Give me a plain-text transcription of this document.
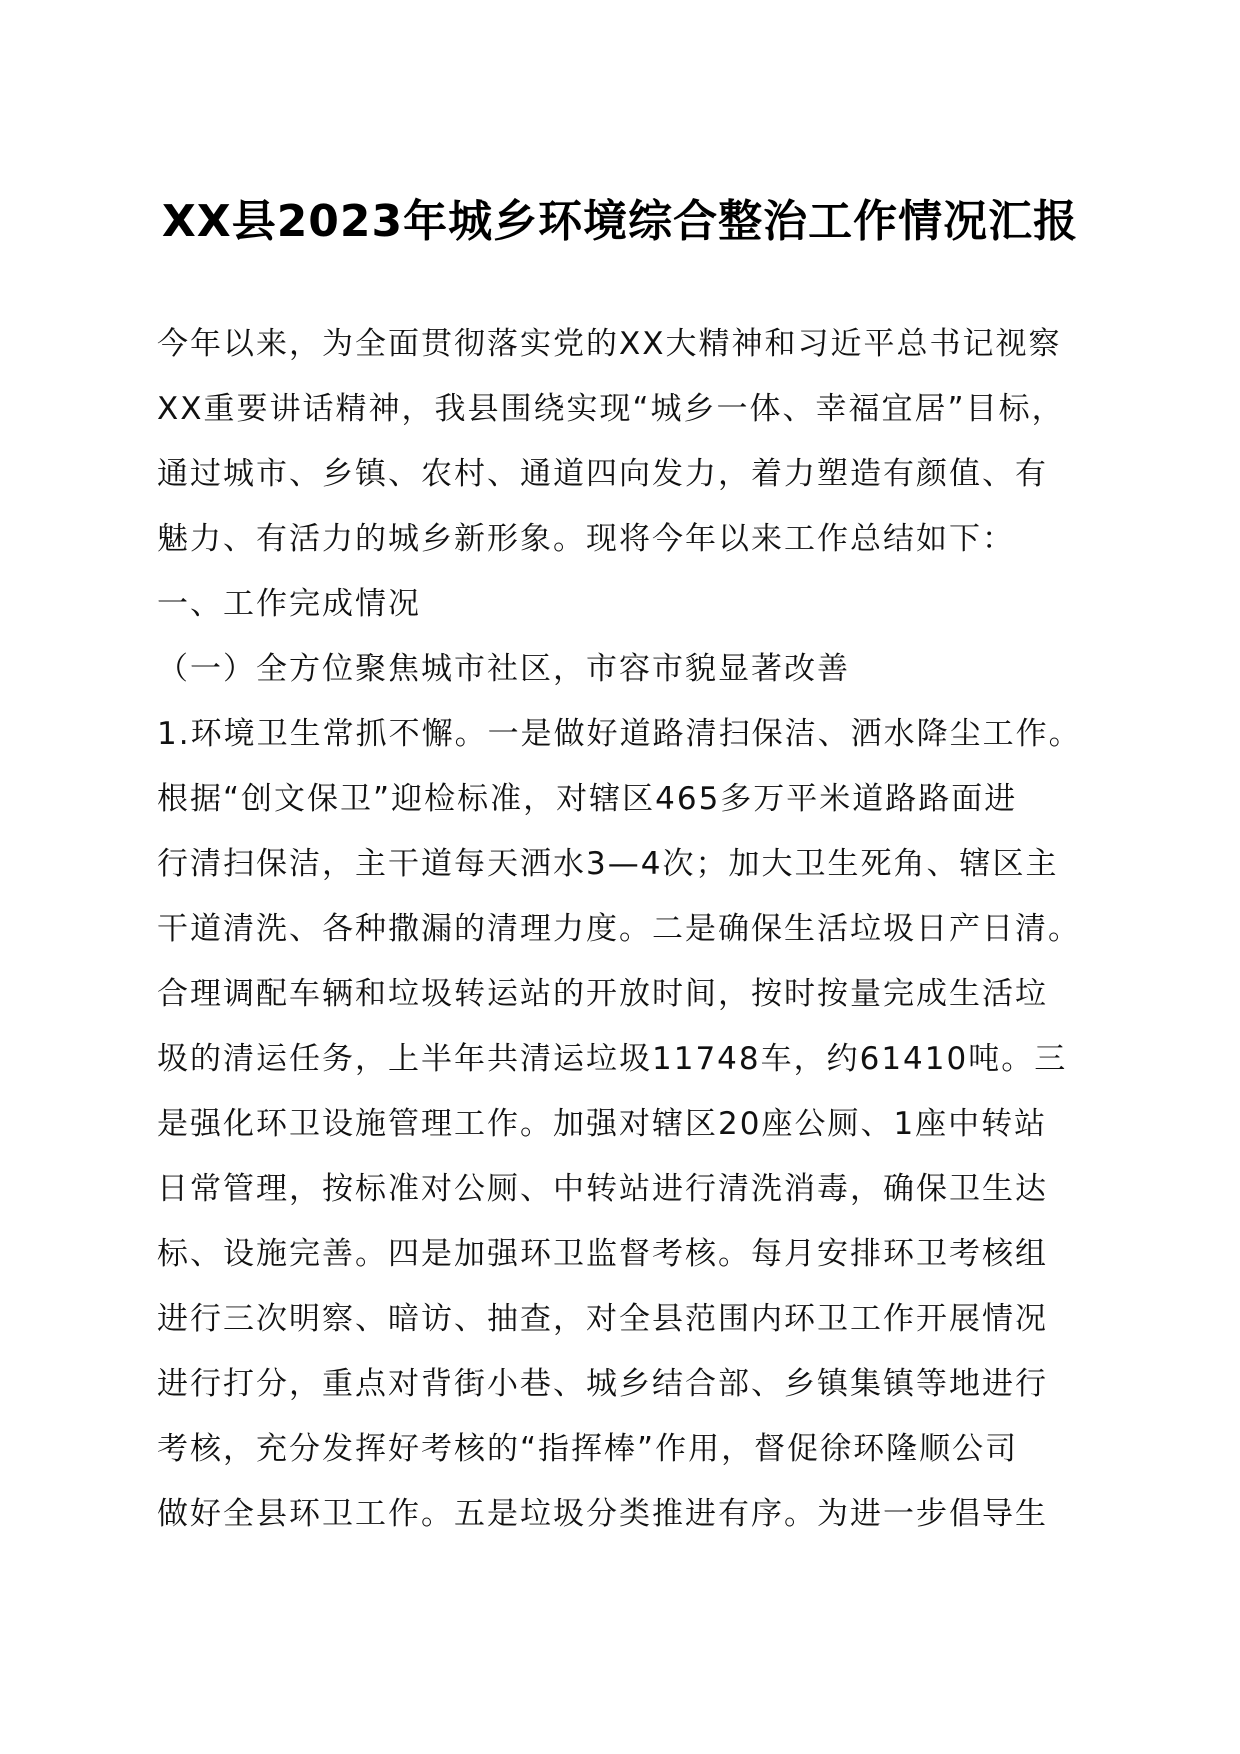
XX县2023年城乡环境综合整治工作情况汇报
今年以来，为全面贯彻落实党的XX大精神和习近平总书记视察
XX重要讲话精神，我县围绕实现“城乡一体、幸福宜居”目标，
通过城市、乡镇、农村、通道四向发力，着力塑造有颜值、有
魅力、有活力的城乡新形象。现将今年以来工作总结如下：
一、工作完成情况
（一）全方位聚焦城市社区，市容市貌显著改善
1.环境卫生常抓不懈。一是做好道路清扫保洁、洒水降尘工作。
根据“创文保卫”迎检标准，对辖区465多万平米道路路面进
行清扫保洁，主干道每天洒水3—4次；加大卫生死角、辖区主
干道清洗、各种撒漏的清理力度。二是确保生活垃圾日产日清。
合理调配车辆和垃圾转运站的开放时间，按时按量完成生活垃
圾的清运任务，上半年共清运垃圾11748车，约61410吨。三
是强化环卫设施管理工作。加强对辖区20座公厕、1座中转站
日常管理，按标准对公厕、中转站进行清洗消毒，确保卫生达
标、设施完善。四是加强环卫监督考核。每月安排环卫考核组
进行三次明察、暗访、抽查，对全县范围内环卫工作开展情况
进行打分，重点对背街小巷、城乡结合部、乡镇集镇等地进行
考核，充分发挥好考核的“指挥棒”作用，督促徐环隆顺公司
做好全县环卫工作。五是垃圾分类推进有序。为进一步倡导生
